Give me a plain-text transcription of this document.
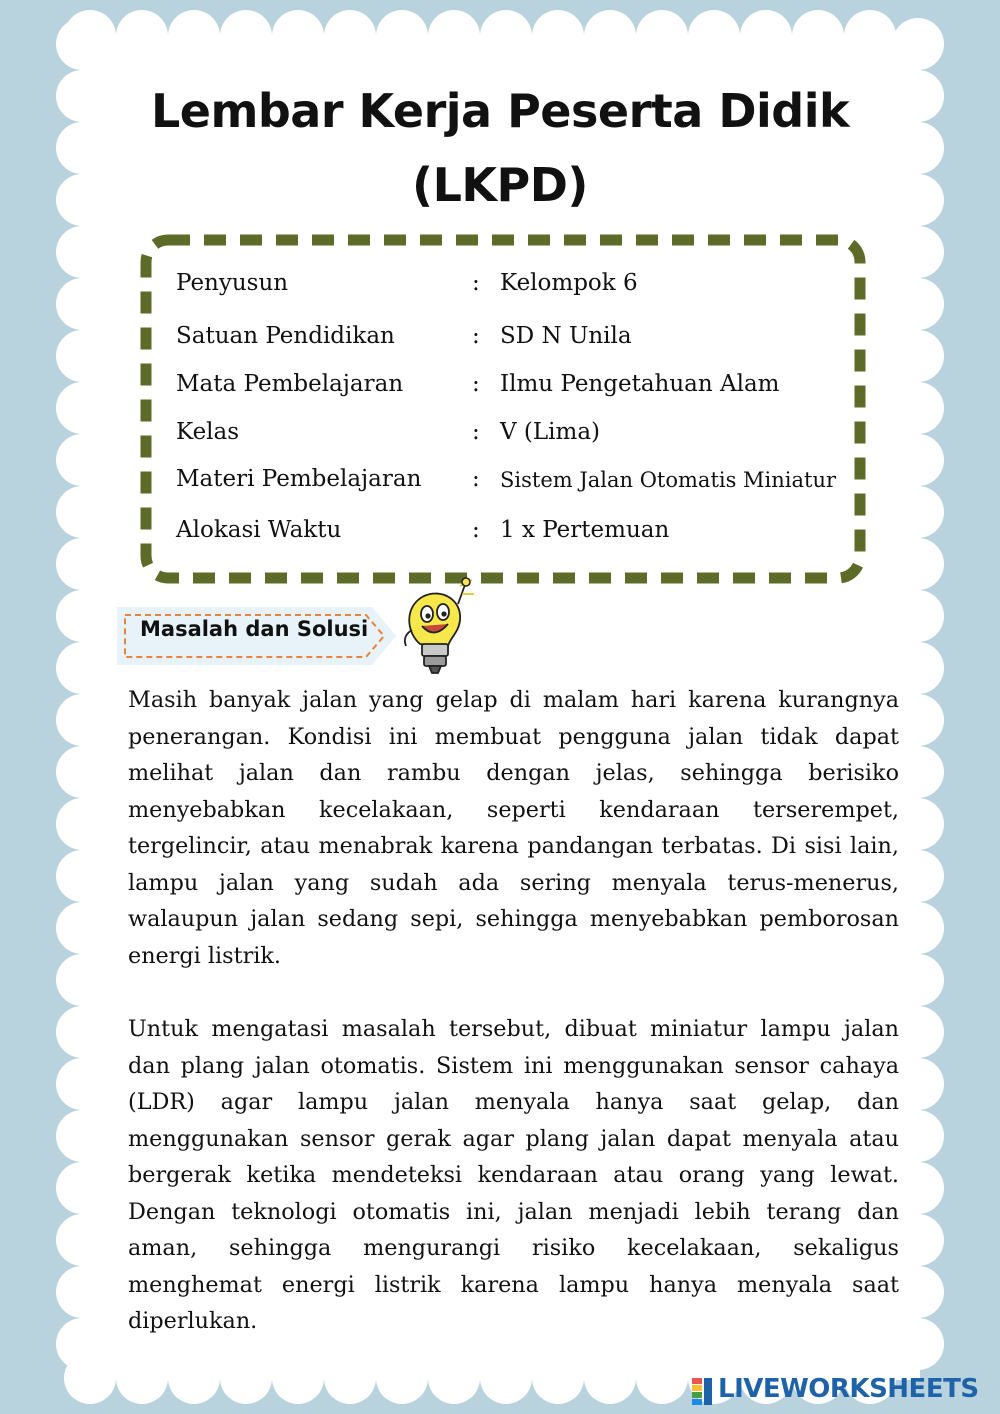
Lembar Kerja Peserta Didik
(LKPD)
Penyusun	: Kelompok 6
Satuan Pendidikan	: SD N Unila
Mata Pembelajaran	: Ilmu Pengetahuan Alam
Kelas	: V (Lima)
Materi Pembelajaran : Sistem Jalan Otomatis Miniatur
Alokasi Waktu	: 1 x Pertemuan
Masalah dan Solusi

Masih banyak jalan yang gelap di malam hari karena kurangnya penerangan. Kondisi ini membuat pengguna jalan tidak dapat melihat jalan dan rambu dengan jelas, sehingga berisiko menyebabkan kecelakaan, seperti kendaraan terserempet, tergelincir, atau menabrak karena pandangan terbatas. Di sisi lain, lampu jalan yang sudah ada sering menyala terus-menerus, walaupun jalan sedang sepi, sehingga menyebabkan pemborosan energi listrik.

Untuk mengatasi masalah tersebut, dibuat miniatur lampu jalan dan plang jalan otomatis. Sistem ini menggunakan sensor cahaya (LDR) agar lampu jalan menyala hanya saat gelap, dan menggunakan sensor gerak agar plang jalan dapat menyala atau bergerak ketika mendeteksi kendaraan atau orang yang lewat. Dengan teknologi otomatis ini, jalan menjadi lebih terang dan aman, sehingga mengurangi risiko kecelakaan, sekaligus menghemat energi listrik karena lampu hanya menyala saat diperlukan.

LIVEWORKSHEETS
